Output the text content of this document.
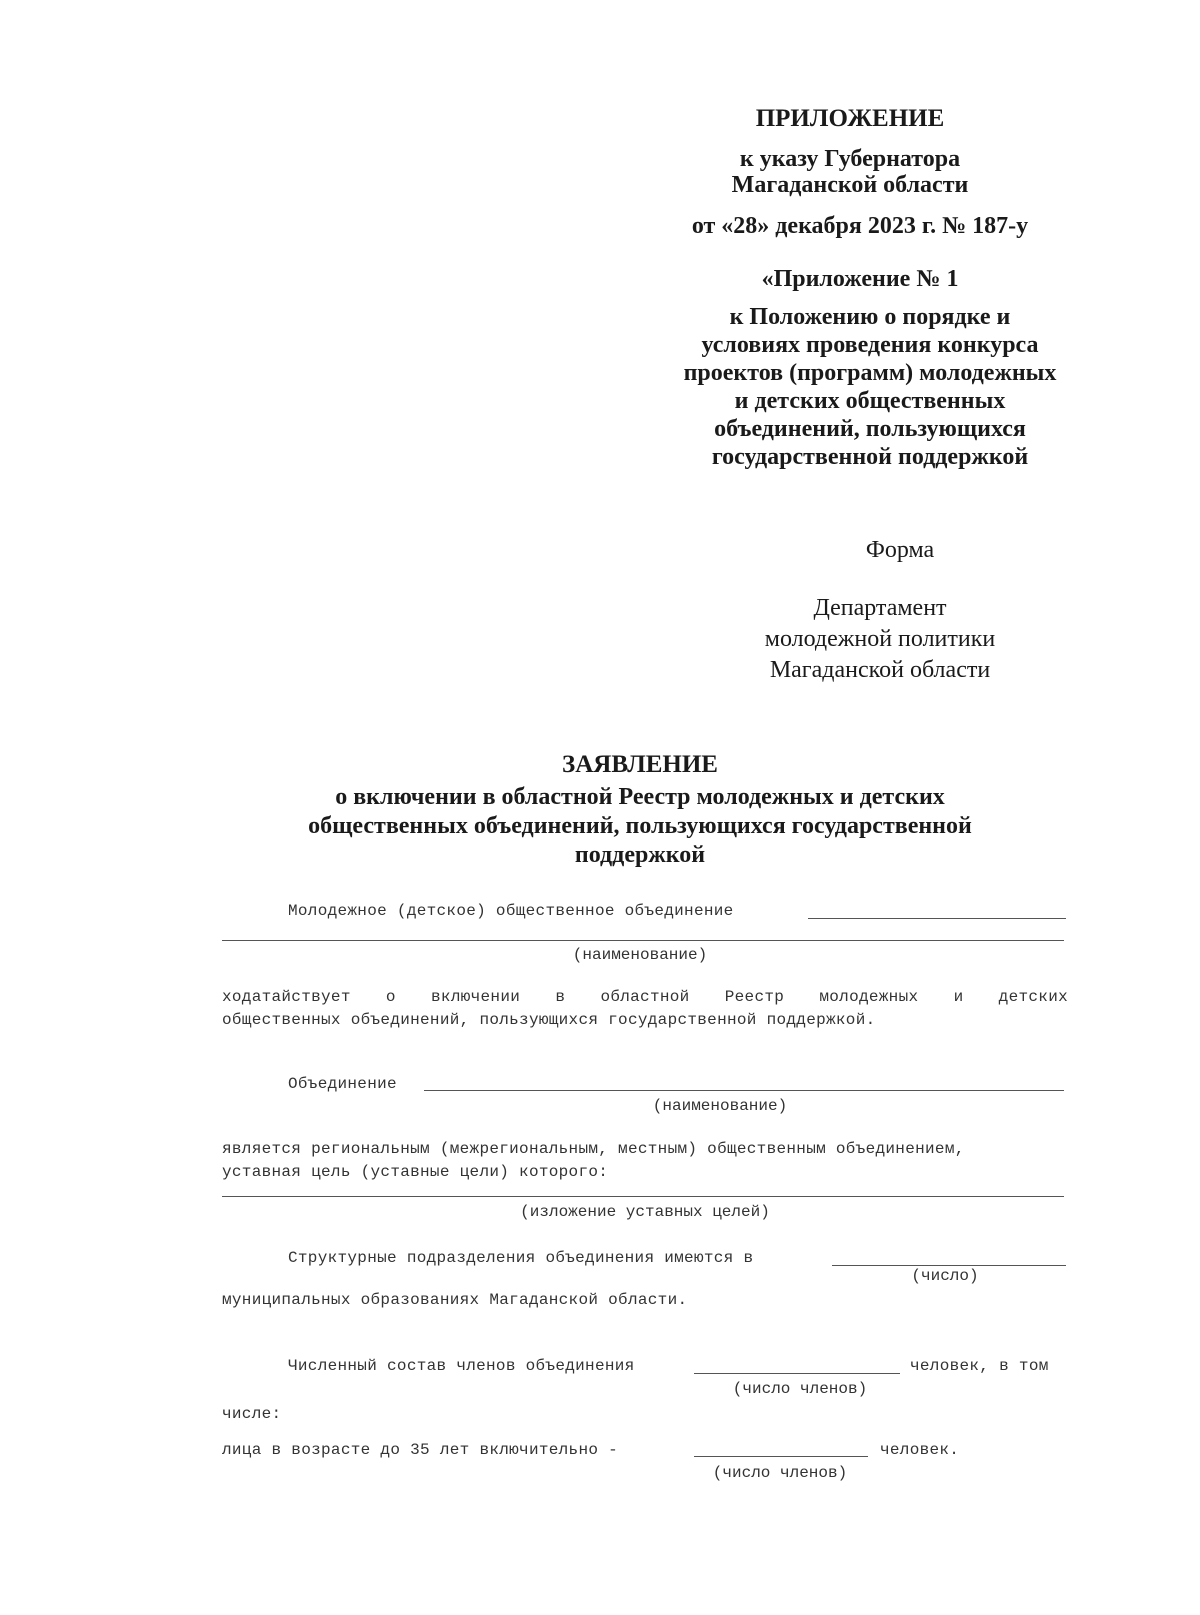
ПРИЛОЖЕНИЕ
к указу Губернатора
Магаданской области
от «28» декабря 2023 г. № 187-у
«Приложение № 1
к Положению о порядке и
условиях проведения конкурса
проектов (программ) молодежных
и детских общественных
объединений, пользующихся
государственной поддержкой
Форма
Департамент
молодежной политики
Магаданской области
ЗАЯВЛЕНИЕ
о включении в областной Реестр молодежных и детских
общественных объединений, пользующихся государственной
поддержкой
Молодежное (детское) общественное объединение
(наименование)
ходатайствует о включении в областной Реестр молодежных и детских
общественных объединений, пользующихся государственной поддержкой.
Объединение
(наименование)
является региональным (межрегиональным, местным) общественным объединением,
уставная цель (уставные цели) которого:
(изложение уставных целей)
Структурные подразделения объединения имеются в
(число)
муниципальных образованиях Магаданской области.
Численный состав членов объединения	человек, в том
(число членов)
числе:
лица в возрасте до 35 лет включительно -	человек.
(число членов)
